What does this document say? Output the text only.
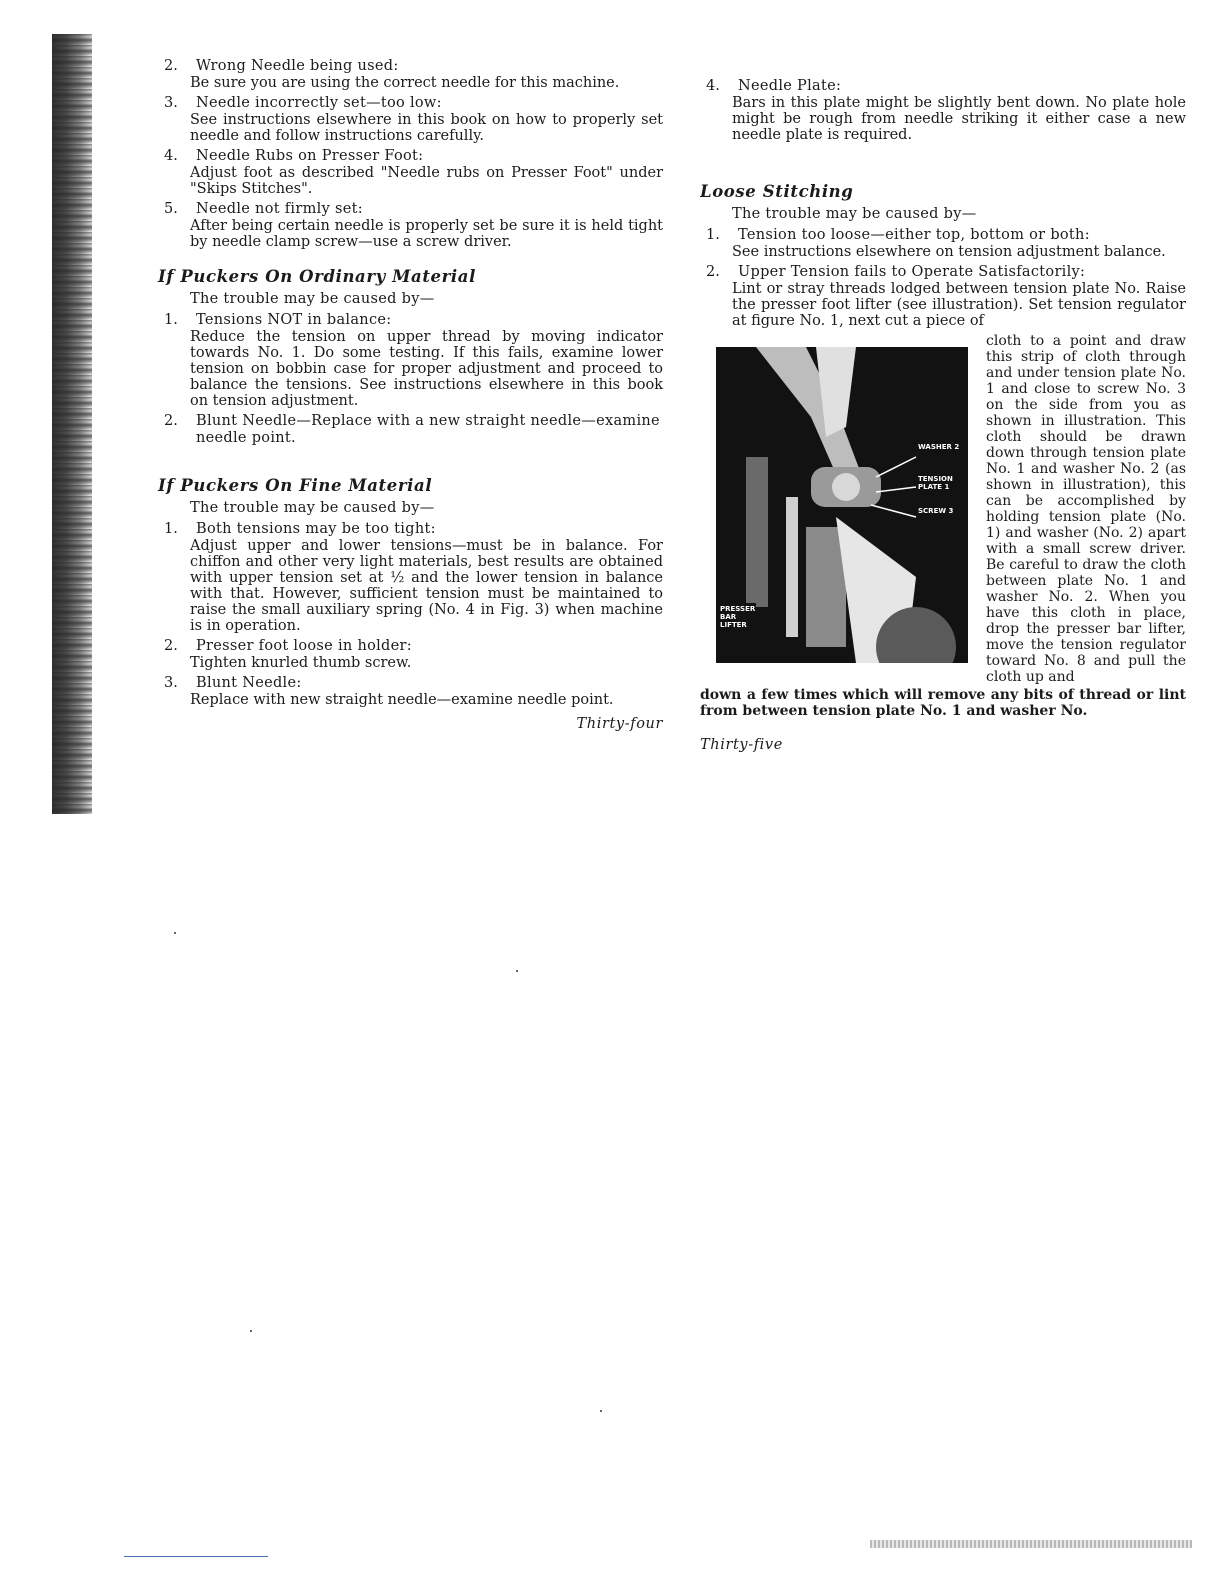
2.	Wrong Needle being used:
Be sure you are using the correct needle for this machine.
3.	Needle incorrectly set—too low:
See instructions elsewhere in this book on how to properly set needle and follow instructions carefully.
4.	Needle Rubs on Presser Foot:
Adjust foot as described "Needle rubs on Presser Foot" under "Skips Stitches".
5.	Needle not firmly set:
After being certain needle is properly set be sure it is held tight by needle clamp screw—use a screw driver.
If Puckers On Ordinary Material
The trouble may be caused by—
1.	Tensions NOT in balance:
Reduce the tension on upper thread by moving indicator towards No. 1. Do some testing. If this fails, examine lower tension on bobbin case for proper adjustment and proceed to balance the tensions. See instructions elsewhere in this book on tension adjustment.
2.	Blunt Needle—Replace with a new straight needle—examine needle point.
If Puckers On Fine Material
The trouble may be caused by—
1.	Both tensions may be too tight:
Adjust upper and lower tensions—must be in balance. For chiffon and other very light materials, best results are obtained with upper tension set at ½ and the lower tension in balance with that. However, sufficient tension must be maintained to raise the small auxiliary spring (No. 4 in Fig. 3) when machine is in operation.
2.	Presser foot loose in holder:
Tighten knurled thumb screw.
3.	Blunt Needle:
Replace with new straight needle—examine needle point.
Thirty-four
4.	Needle Plate:
Bars in this plate might be slightly bent down. No plate hole might be rough from needle striking it either case a new needle plate is required.
Loose Stitching
The trouble may be caused by—
1.	Tension too loose—either top, bottom or both:
See instructions elsewhere on tension adjustment balance.
2.	Upper Tension fails to Operate Satisfactorily:
Lint or stray threads lodged between tension plate No. Raise the presser foot lifter (see illustration). Set tension regulator at figure No. 1, next cut a piece of
WASHER 2
TENSION PLATE 1
SCREW 3
PRESSER BAR LIFTER
cloth to a point and draw this strip of cloth through and under tension plate No. 1 and close to screw No. 3 on the side from you as shown in illustration. This cloth should be drawn down through tension plate No. 1 and washer No. 2 (as shown in illustration), this can be accomplished by holding tension plate (No. 1) and washer (No. 2) apart with a small screw driver. Be careful to draw the cloth between plate No. 1 and washer No. 2. When you have this cloth in place, drop the presser bar lifter, move the tension regulator toward No. 8 and pull the cloth up and
down a few times which will remove any bits of thread or lint from between tension plate No. 1 and washer No.
Thirty-five
